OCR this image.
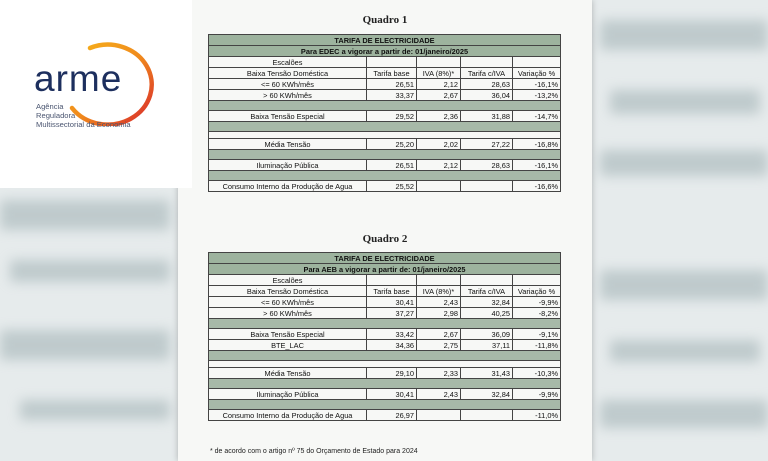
Quadro 1
TARIFA DE ELECTRICIDADE				
Para EDEC a vigorar a partir de: 01/janeiro/2025				
Escalões				
Baixa Tensão Doméstica	Tarifa base	IVA (8%)*	Tarifa c/IVA	Variação %
<= 60 KWh/mês	26,51	2,12	28,63	-16,1%
> 60 KWh/mês	33,37	2,67	36,04	-13,2%

Baixa Tensão Especial	29,52	2,36	31,88	-14,7%

Média Tensão	25,20	2,02	27,22	-16,8%

Iluminação Pública	26,51	2,12	28,63	-16,1%

Consumo Interno da Produção de Agua	25,52			-16,6%
Quadro 2
TARIFA DE ELECTRICIDADE				
Para AEB a vigorar a partir de: 01/janeiro/2025				
Escalões				
Baixa Tensão Doméstica	Tarifa base	IVA (8%)*	Tarifa c/IVA	Variação %
<= 60 KWh/mês	30,41	2,43	32,84	-9,9%
> 60 KWh/mês	37,27	2,98	40,25	-8,2%

Baixa Tensão Especial	33,42	2,67	36,09	-9,1%
BTE_LAC	34,36	2,75	37,11	-11,8%

Média Tensão	29,10	2,33	31,43	-10,3%

Iluminação Pública	30,41	2,43	32,84	-9,9%

Consumo Interno da Produção de Agua	26,97			-11,0%
* de acordo com o artigo nº 75 do Orçamento de Estado para 2024
arme
Agência
Reguladora
Multissectorial da Economia
